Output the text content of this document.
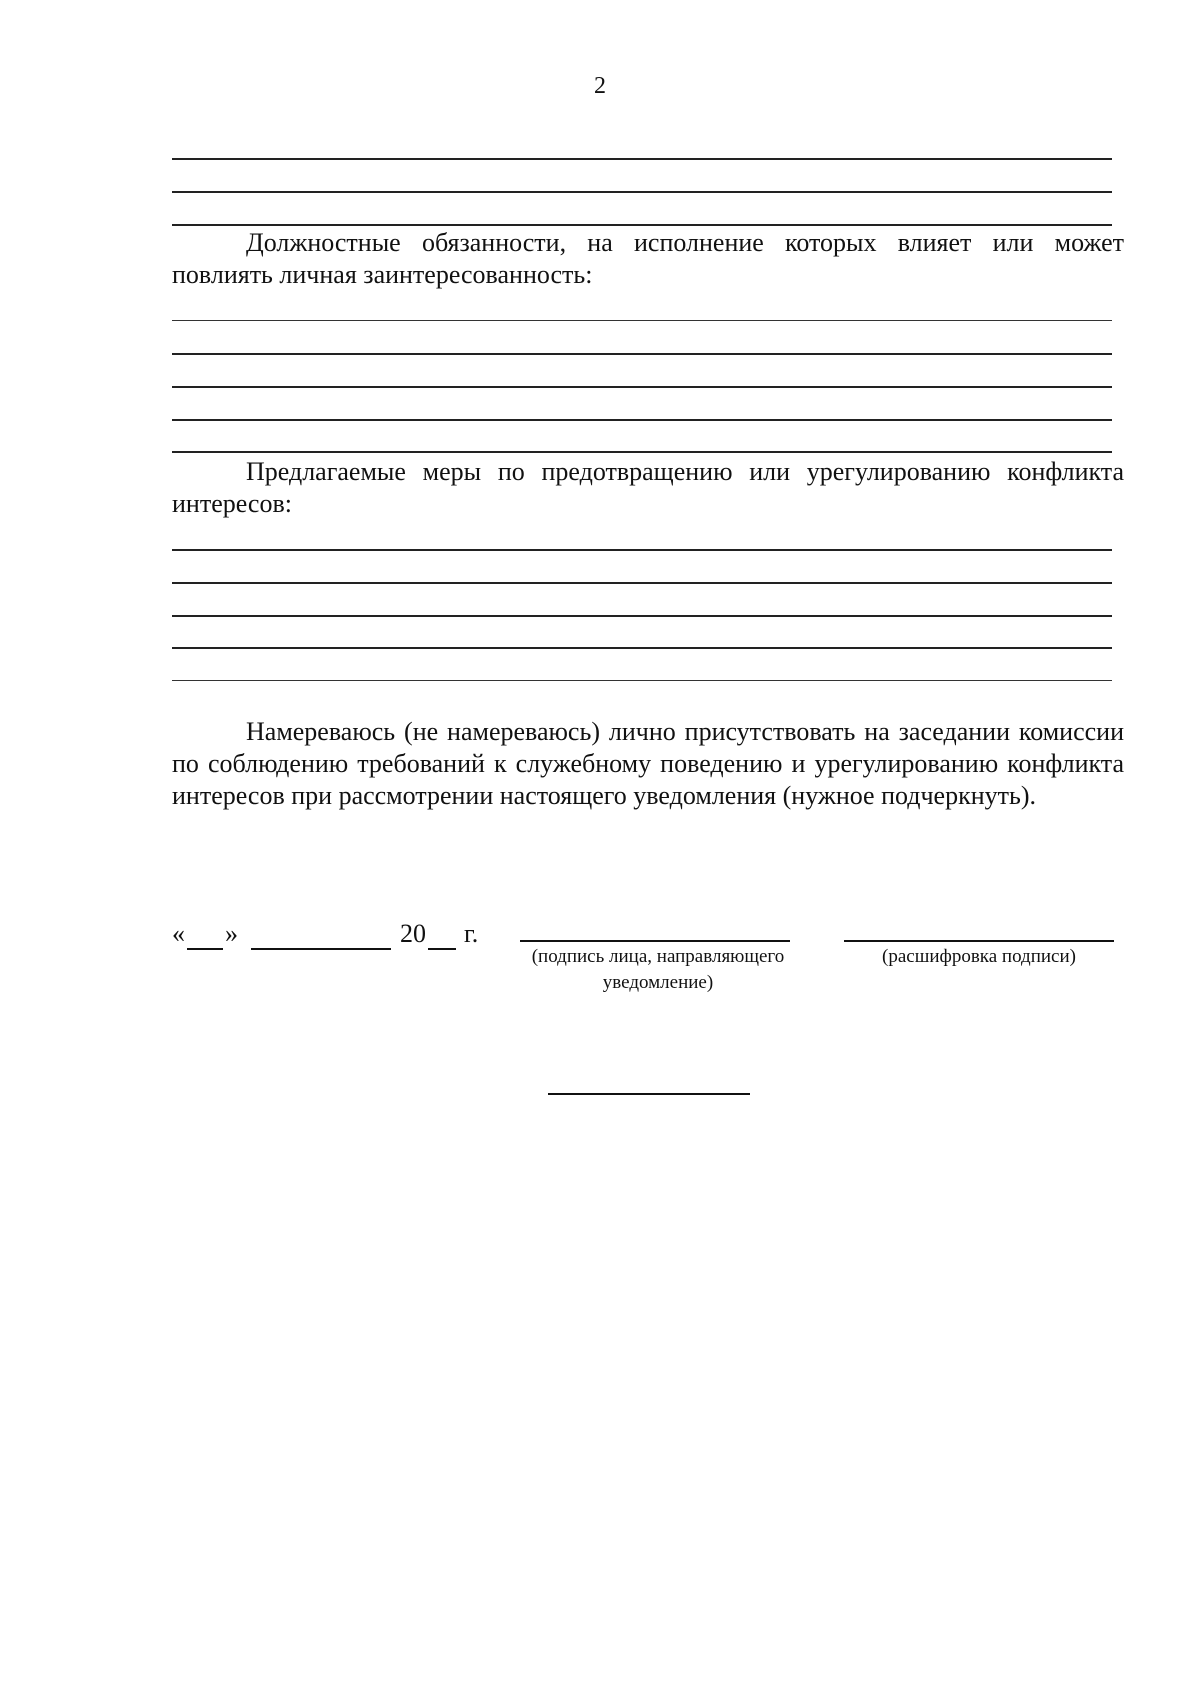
2
Должностные обязанности, на исполнение которых влияет или может повлиять личная заинтересованность:
Предлагаемые меры по предотвращению или урегулированию конфликта интересов:
Намереваюсь (не намереваюсь) лично присутствовать на заседании комиссии по соблюдению требований к служебному поведению и урегулированию конфликта интересов при рассмотрении настоящего уведомления (нужное подчеркнуть).
« »	20 г.
(подпись лица, направляющего уведомление)
(расшифровка подписи)
